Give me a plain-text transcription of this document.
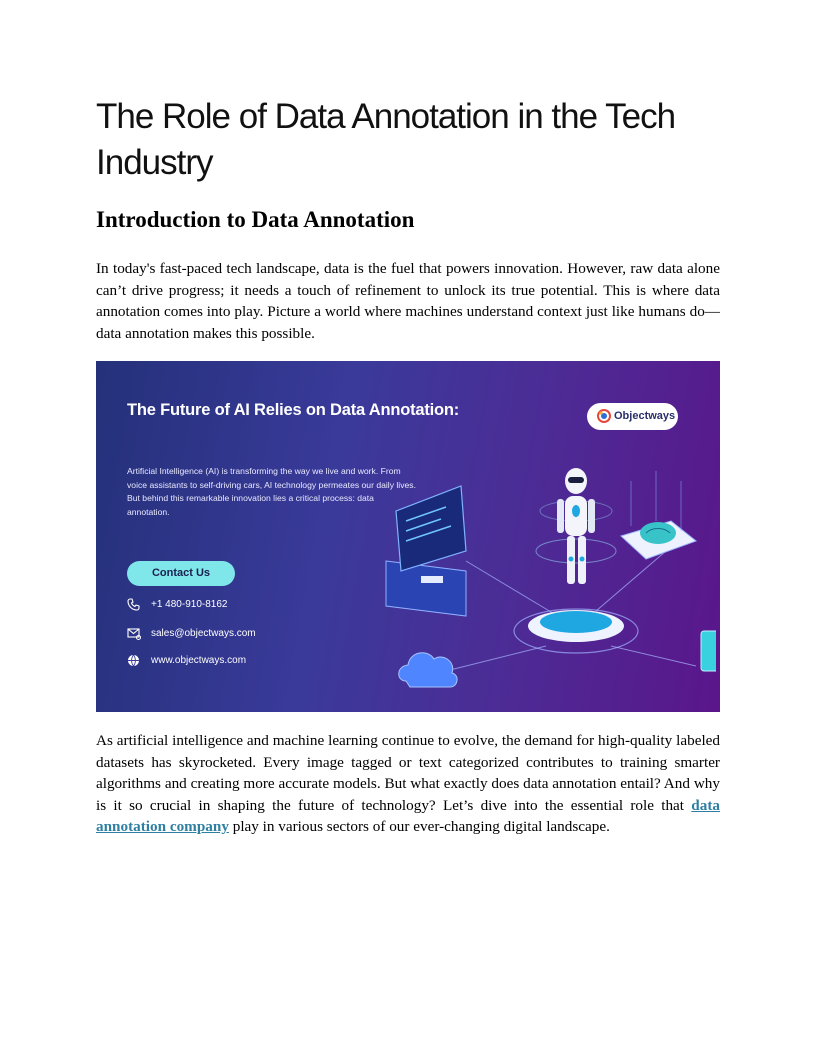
The Role of Data Annotation in the Tech Industry
Introduction to Data Annotation

In today's fast-paced tech landscape, data is the fuel that powers innovation. However, raw data alone can’t drive progress; it needs a touch of refinement to unlock its true potential. This is where data annotation comes into play. Picture a world where machines understand context just like humans do—data annotation makes this possible.

The Future of AI Relies on Data Annotation:	Objectways

Artificial Intelligence (AI) is transforming the way we live and work. From voice assistants to self-driving cars, AI technology permeates our daily lives. But behind this remarkable innovation lies a critical process: data annotation.

Contact Us
+1 480-910-8162
sales@objectways.com
www.objectways.com

As artificial intelligence and machine learning continue to evolve, the demand for high-quality labeled datasets has skyrocketed. Every image tagged or text categorized contributes to training smarter algorithms and creating more accurate models. But what exactly does data annotation entail? And why is it so crucial in shaping the future of technology? Let’s dive into the essential role that data annotation company play in various sectors of our ever-changing digital landscape.
